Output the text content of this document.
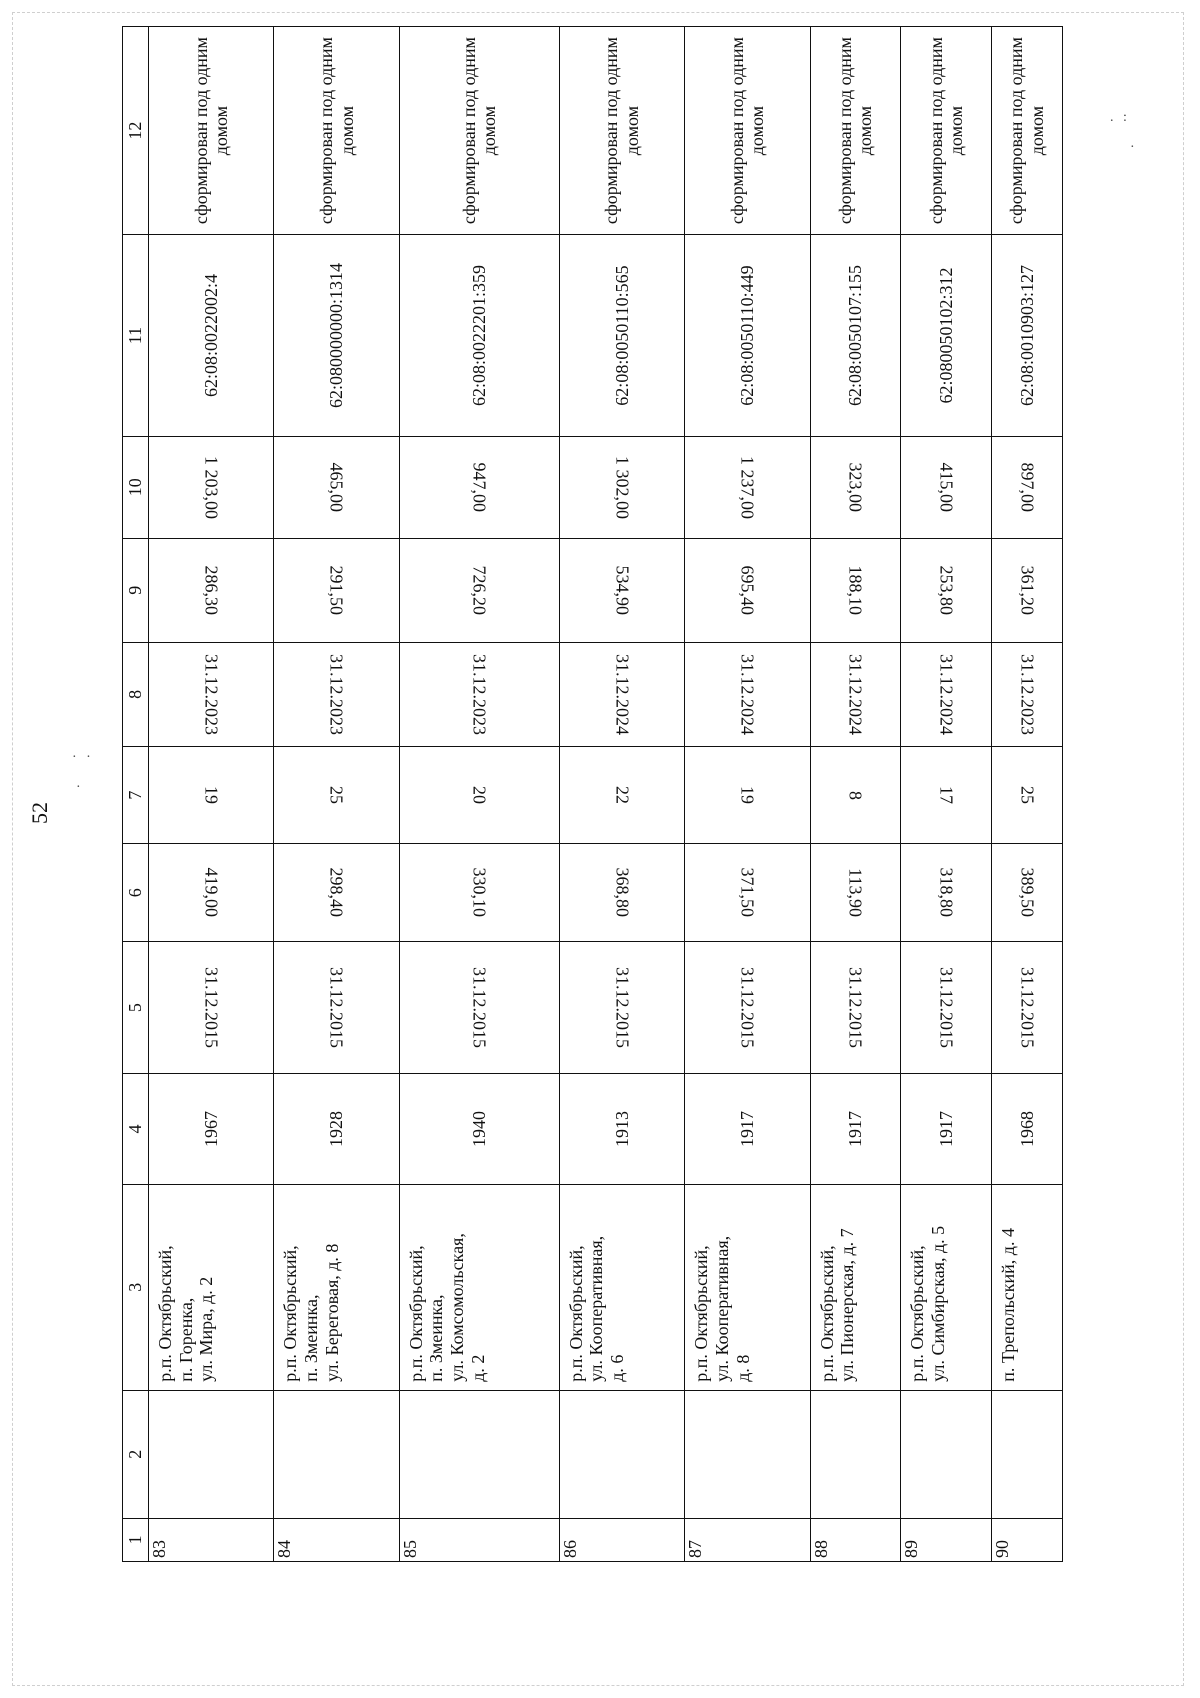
52
· ·
·
. :
·
1	2	3	4	5	6	7	8	9	10	11	12
83		р.п. Октябрьский,
п. Горенка,
ул. Мира, д. 2	1967	31.12.2015	419,00	19	31.12.2023	286,30	1 203,00	62:08:0022002:4	сформирован под одним домом
84		р.п. Октябрьский,
п. Змеинка,
ул. Береговая, д. 8	1928	31.12.2015	298,40	25	31.12.2023	291,50	465,00	62:080000000:1314	сформирован под одним домом
85		р.п. Октябрьский,
п. Змеинка,
ул. Комсомольская,
д. 2	1940	31.12.2015	330,10	20	31.12.2023	726,20	947,00	62:08:0022201:359	сформирован под одним домом
86		р.п. Октябрьский,
ул. Кооперативная,
д. 6	1913	31.12.2015	368,80	22	31.12.2024	534,90	1 302,00	62:08:0050110:565	сформирован под одним домом
87		р.п. Октябрьский,
ул. Кооперативная,
д. 8	1917	31.12.2015	371,50	19	31.12.2024	695,40	1 237,00	62:08:0050110:449	сформирован под одним домом
88		р.п. Октябрьский,
ул. Пионерская, д. 7	1917	31.12.2015	113,90	8	31.12.2024	188,10	323,00	62:08:0050107:155	сформирован под одним домом
89		р.п. Октябрьский,
ул. Симбирская, д. 5	1917	31.12.2015	318,80	17	31.12.2024	253,80	415,00	62:080050102:312	сформирован под одним домом
90		п. Трепольский, д. 4	1968	31.12.2015	389,50	25	31.12.2023	361,20	897,00	62:08:0010903:127	сформирован под одним домом
